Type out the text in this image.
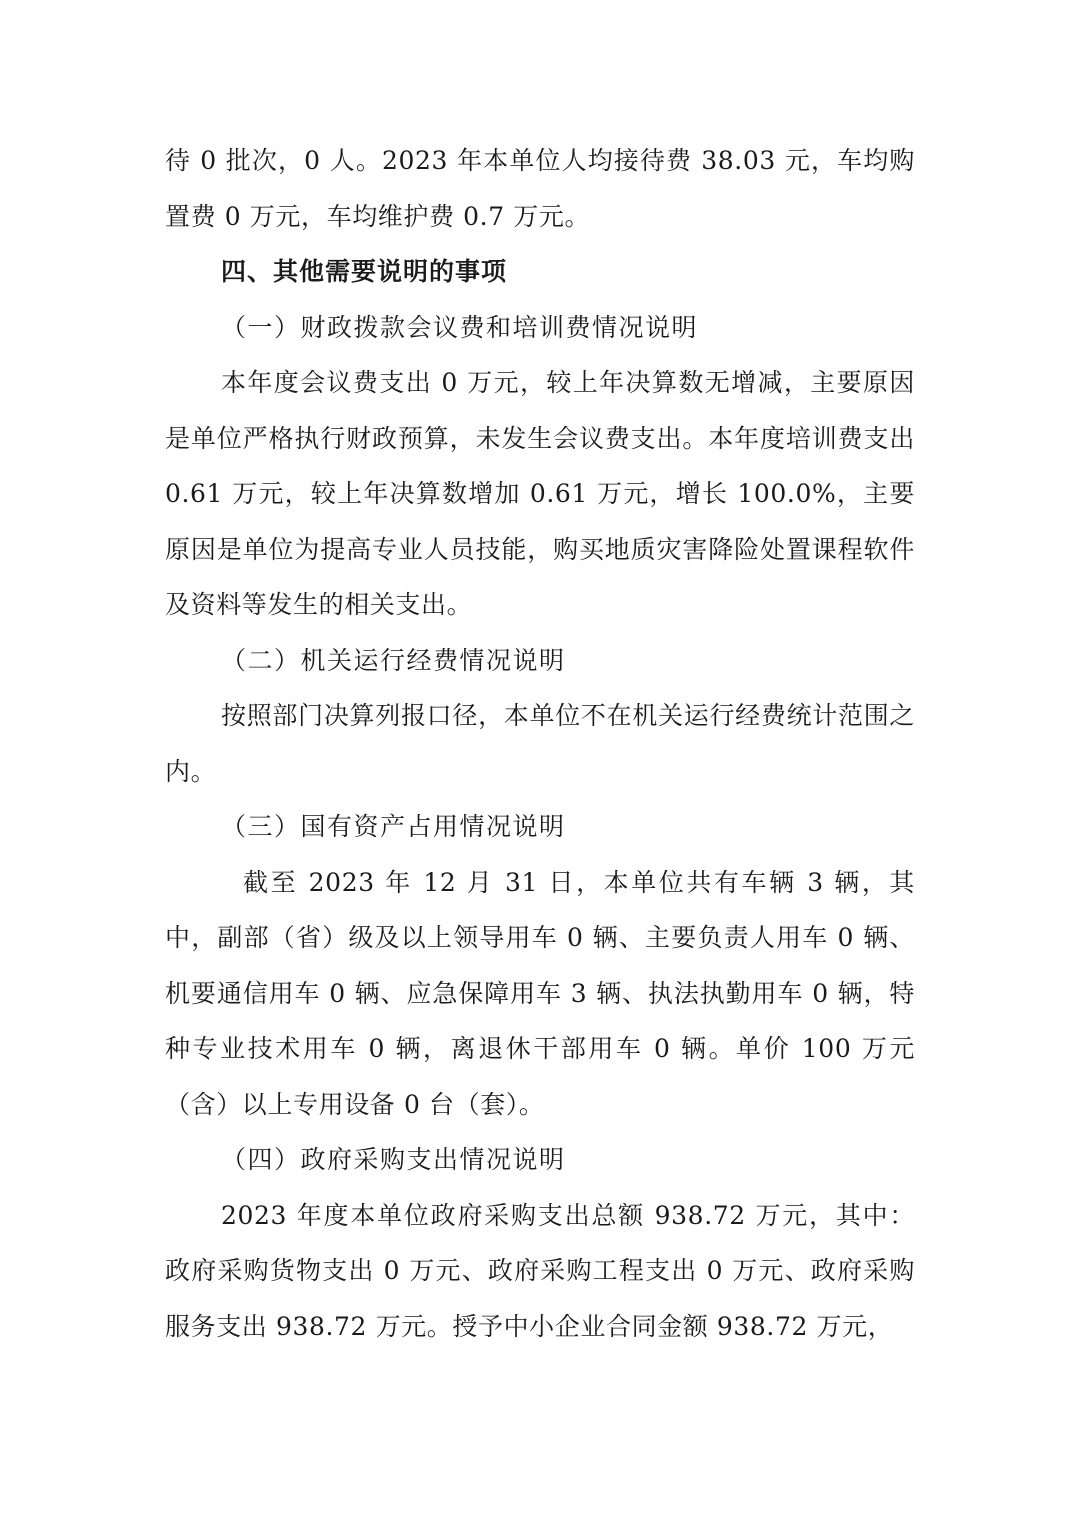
待 0 批次，0 人。2023 年本单位人均接待费 38.03 元，车均购置费 0 万元，车均维护费 0.7 万元。

四、其他需要说明的事项

（一）财政拨款会议费和培训费情况说明

本年度会议费支出 0 万元，较上年决算数无增减，主要原因是单位严格执行财政预算，未发生会议费支出。本年度培训费支出 0.61 万元，较上年决算数增加 0.61 万元，增长 100.0%，主要原因是单位为提高专业人员技能，购买地质灾害降险处置课程软件及资料等发生的相关支出。

（二）机关运行经费情况说明

按照部门决算列报口径，本单位不在机关运行经费统计范围之内。

（三）国有资产占用情况说明

截至 2023 年 12 月 31 日，本单位共有车辆 3 辆，其中，副部（省）级及以上领导用车 0 辆、主要负责人用车 0 辆、机要通信用车 0 辆、应急保障用车 3 辆、执法执勤用车 0 辆，特种专业技术用车 0 辆，离退休干部用车 0 辆。单价 100 万元（含）以上专用设备 0 台（套）。

（四）政府采购支出情况说明

2023 年度本单位政府采购支出总额 938.72 万元，其中：政府采购货物支出 0 万元、政府采购工程支出 0 万元、政府采购服务支出 938.72 万元。授予中小企业合同金额 938.72 万元，
